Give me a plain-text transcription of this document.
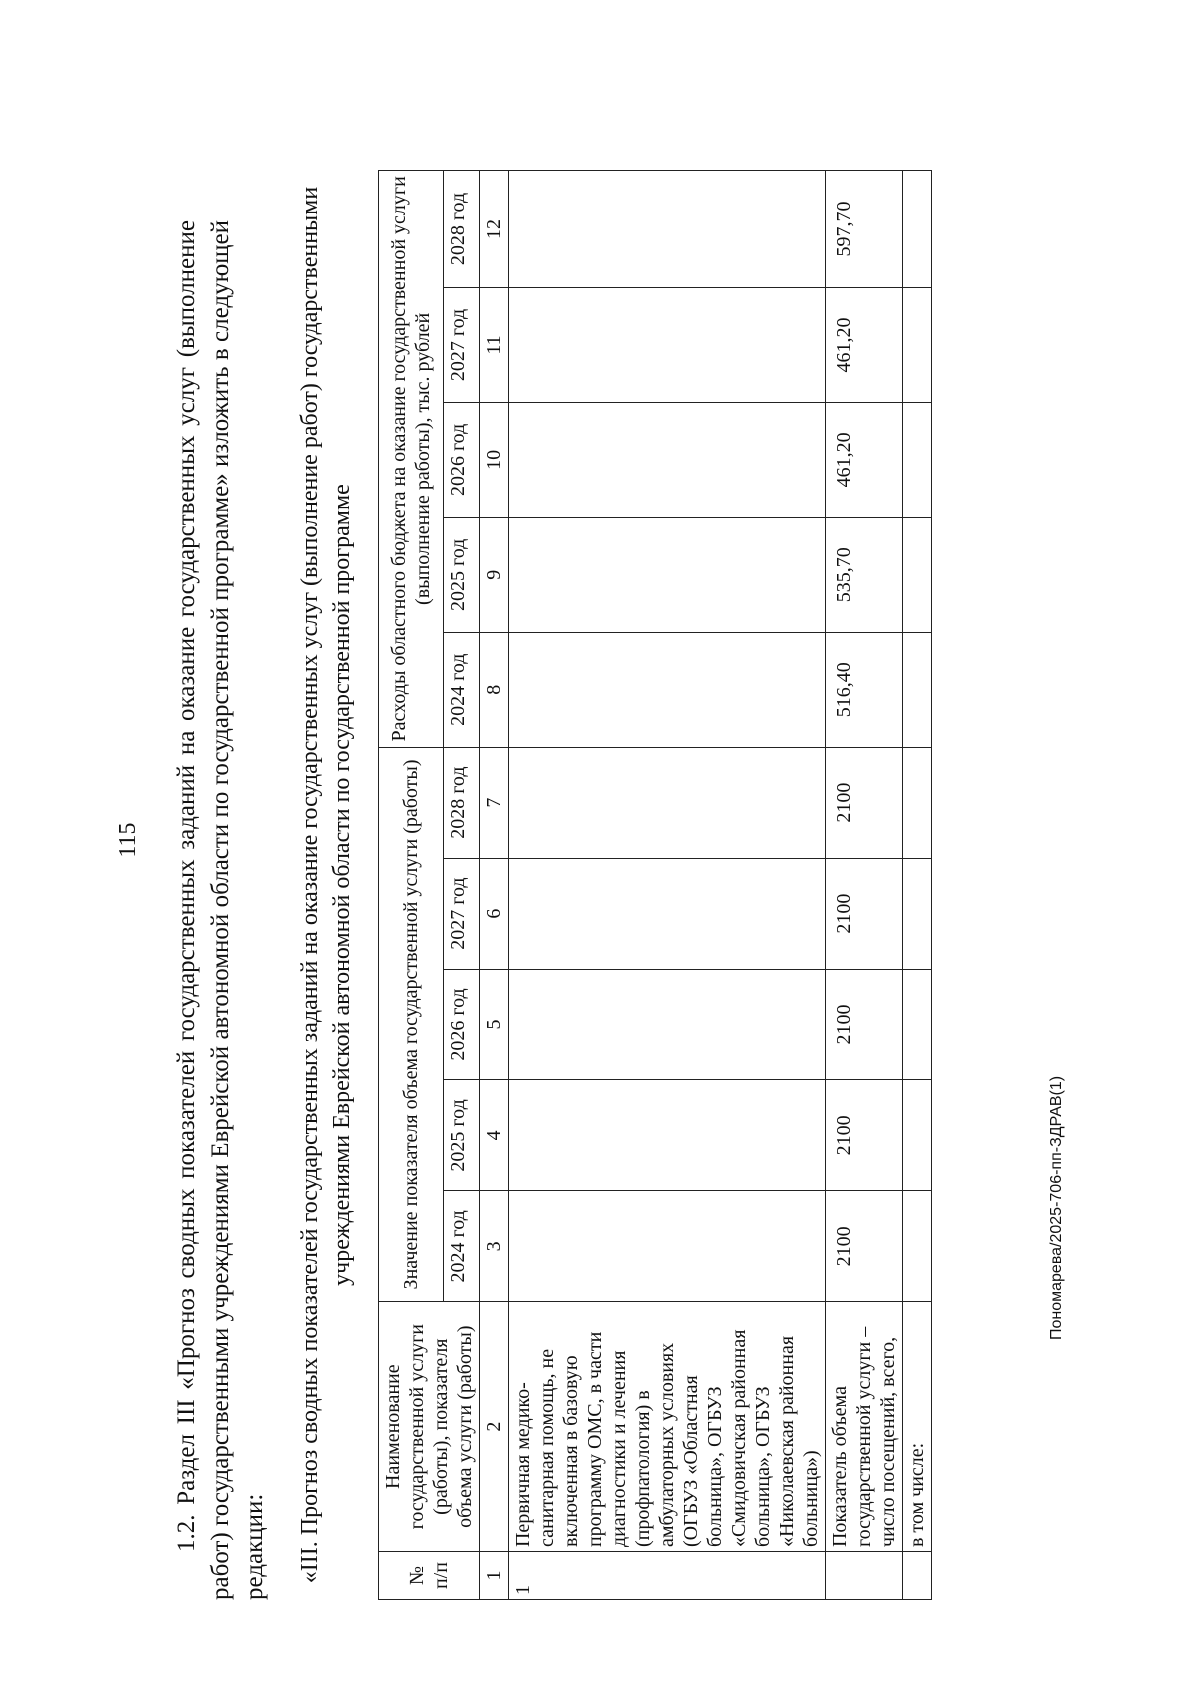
115	1.2. Раздел III «Прогноз сводных показателей государственных заданий на оказание государственных услуг (выполнение работ) государственными учреждениями Еврейской автономной области по государственной программе» изложить в следующей редакции: «III. Прогноз сводных показателей государственных заданий на оказание государственных услуг (выполнение работ) государственными учреждениями Еврейской автономной области по государственной программе

№ п/п	Наименование государственной услуги (работы), показателя объема услуги (работы)	Значение показателя объема государственной услуги (работы)					Расходы областного бюджета на оказание государственной услуги (выполнение работы), тыс. рублей				
		2024 год	2025 год	2026 год	2027 год	2028 год	2024 год	2025 год	2026 год	2027 год	2028 год
1	2	3	4	5	6	7	8	9	10	11	12
1	Первичная медико-санитарная помощь, не включенная в базовую программу ОМС, в части диагностики и лечения (профпатология) в амбулаторных условиях (ОГБУЗ «Областная больница», ОГБУЗ «Смидовичская районная больница», ОГБУЗ «Николаевская районная больница»)										
	Показатель объема государственной услуги – число посещений, всего,	2100	2100	2100	2100	2100	516,40	535,70	461,20	461,20	597,70
	в том числе:										
Пономарева/2025-706-пп-ЗДРАВ(1)
